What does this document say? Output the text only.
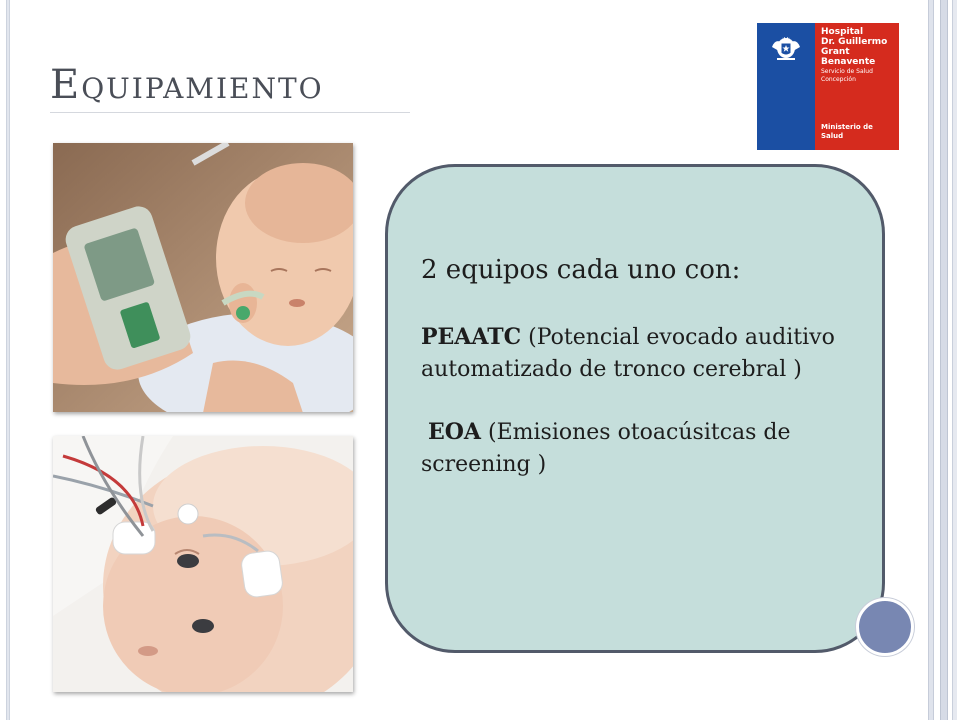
Equipamiento
Hospital
Dr. Guillermo
Grant
Benavente
Servicio de Salud
Concepción
Ministerio de
Salud

2 equipos cada uno con:

PEAATC (Potencial evocado auditivo automatizado de tronco cerebral )

EOA (Emisiones otoacúsitcas de screening )
